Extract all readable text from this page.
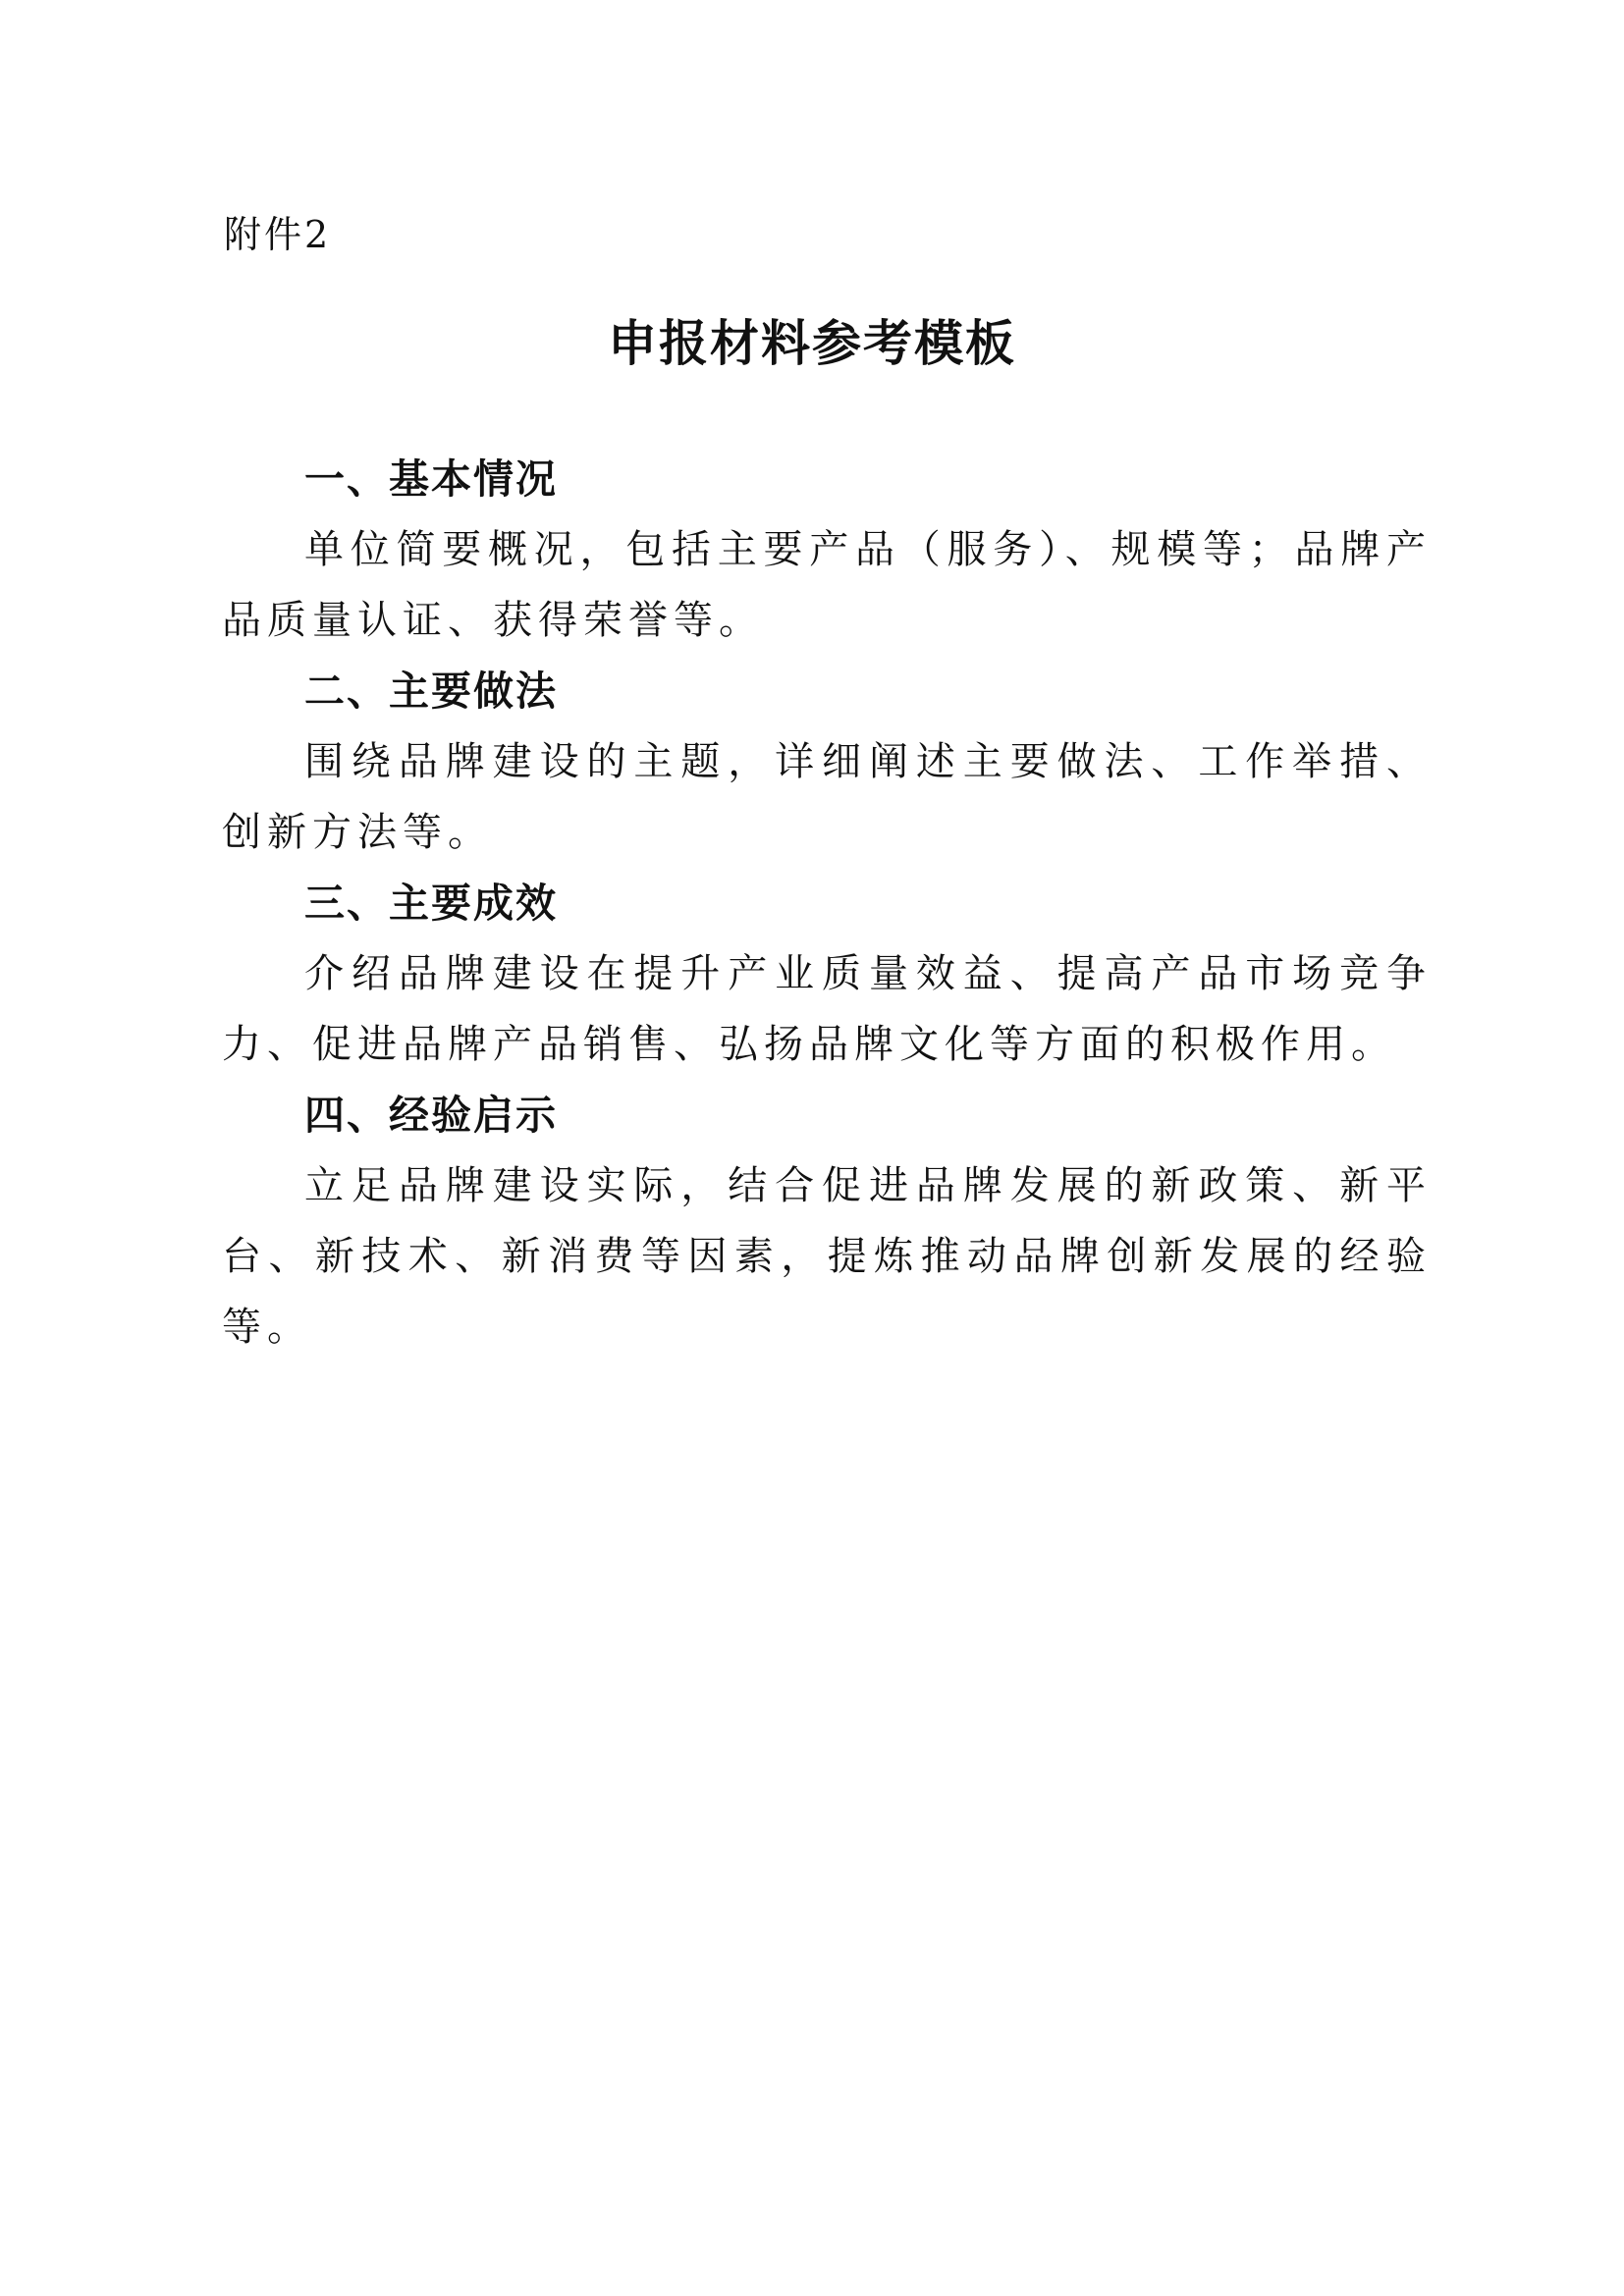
附件2
申报材料参考模板
一、基本情况

单位简要概况，包括主要产品（服务）、规模等；品牌产品质量认证、获得荣誉等。

二、主要做法

围绕品牌建设的主题，详细阐述主要做法、工作举措、创新方法等。

三、主要成效

介绍品牌建设在提升产业质量效益、提高产品市场竞争力、促进品牌产品销售、弘扬品牌文化等方面的积极作用。

四、经验启示

立足品牌建设实际，结合促进品牌发展的新政策、新平台、新技术、新消费等因素，提炼推动品牌创新发展的经验等。
